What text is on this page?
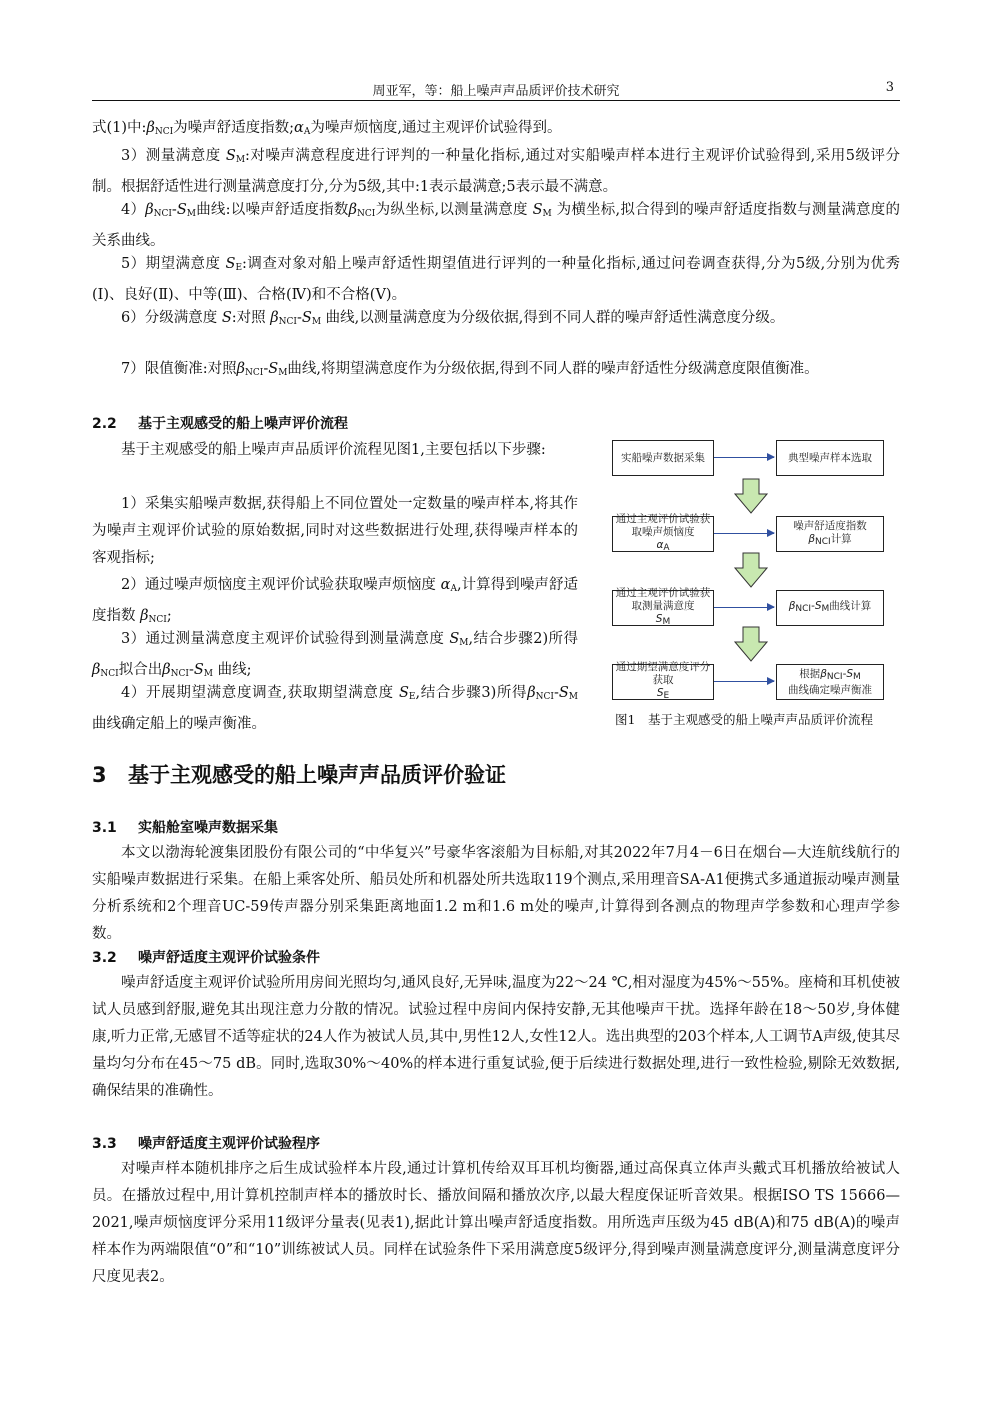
周亚军，等：船上噪声声品质评价技术研究	3

式(1)中$:\beta_{NCI}$为噪声舒适度指数$;\alpha_A$为噪声烦恼度,通过主观评价试验得到。

3）测量满意度 $S_M$:对噪声满意程度进行评判的一种量化指标,通过对实船噪声样本进行主观评价试验得到,采用5级评分制。根据舒适性进行测量满意度打分,分为5级,其中:1表示最满意;5表示最不满意。

$4)\beta_{NCI}-S_M$曲线:以噪声舒适度指数$\beta_{NCI}$为纵坐标,以测量满意度 $S_M$ 为横坐标,拟合得到的噪声舒适度指数与测量满意度的关系曲线。

5）期望满意度 $S_E$:调查对象对船上噪声舒适性期望值进行评判的一种量化指标,通过问卷调查获得,分为5级,分别为优秀(Ⅰ)、良好(Ⅱ)、中等(Ⅲ)、合格(Ⅳ)和不合格(Ⅴ)。

6）分级满意度 S:对照 $\beta_{NCI}-S_M$ 曲线,以测量满意度为分级依据,得到不同人群的噪声舒适性满意度分级。

7）限值衡准:对照$\beta_{NCI}-S_M$曲线,将期望满意度作为分级依据,得到不同人群的噪声舒适性分级满意度限值衡准。

2.2 基于主观感受的船上噪声评价流程

基于主观感受的船上噪声声品质评价流程见图1,主要包括以下步骤:

1）采集实船噪声数据,获得船上不同位置处一定数量的噪声样本,将其作为噪声主观评价试验的原始数据,同时对这些数据进行处理,获得噪声样本的客观指标;

2）通过噪声烦恼度主观评价试验获取噪声烦恼度 $\alpha_A$,计算得到噪声舒适度指数 $\beta_{NCI}$;

3）通过测量满意度主观评价试验得到测量满意度 $S_M$,结合步骤2)所得$\beta_{NCI}$拟合出$\beta_{NCI}-S_M$ 曲线;

4）开展期望满意度调查,获取期望满意度 $S_E$,结合步骤3)所得$\beta_{NCI}-S_M$ 曲线确定船上的噪声衡准。

实船噪声数据采集	典型噪声样本选取
通过主观评价试验获取噪声烦恼度
$\alpha_A$
噪声舒适度指数
$\beta_{NCI}$计算
通过主观评价试验获取测量满意度
$S_M$
$\beta_{NCI}-S_M$曲线计算
通过期望满意度评分获取
$S_E$
根据$\beta_{NCI}-S_M$
曲线确定噪声衡准
图1　基于主观感受的船上噪声声品质评价流程
3 基于主观感受的船上噪声声品质评价验证
3.1 实船舱室噪声数据采集

本文以渤海轮渡集团股份有限公司的“中华复兴”号豪华客滚船为目标船,对其2022年7月4－6日在烟台—大连航线航行的实船噪声数据进行采集。在船上乘客处所、船员处所和机器处所共选取119个测点,采用理音SA-A1便携式多通道振动噪声测量分析系统和2个理音UC-59传声器分别采集距离地面1.2 m和1.6 m处的噪声,计算得到各测点的物理声学参数和心理声学参数。

3.2 噪声舒适度主观评价试验条件

噪声舒适度主观评价试验所用房间光照均匀,通风良好,无异味,温度为22～24 ℃,相对湿度为45%～55%。座椅和耳机使被试人员感到舒服,避免其出现注意力分散的情况。试验过程中房间内保持安静,无其他噪声干扰。选择年龄在18～50岁,身体健康,听力正常,无感冒不适等症状的24人作为被试人员,其中,男性12人,女性12人。选出典型的203个样本,人工调节A声级,使其尽量均匀分布在45～75 dB。同时,选取30%～40%的样本进行重复试验,便于后续进行数据处理,进行一致性检验,剔除无效数据,确保结果的准确性。

3.3 噪声舒适度主观评价试验程序

对噪声样本随机排序之后生成试验样本片段,通过计算机传给双耳耳机均衡器,通过高保真立体声头戴式耳机播放给被试人员。在播放过程中,用计算机控制声样本的播放时长、播放间隔和播放次序,以最大程度保证听音效果。根据ISO TS 15666—2021,噪声烦恼度评分采用11级评分量表(见表1),据此计算出噪声舒适度指数。用所选声压级为45 dB(A)和75 dB(A)的噪声样本作为两端限值“0”和“10”训练被试人员。同样在试验条件下采用满意度5级评分,得到噪声测量满意度评分,测量满意度评分尺度见表2。
